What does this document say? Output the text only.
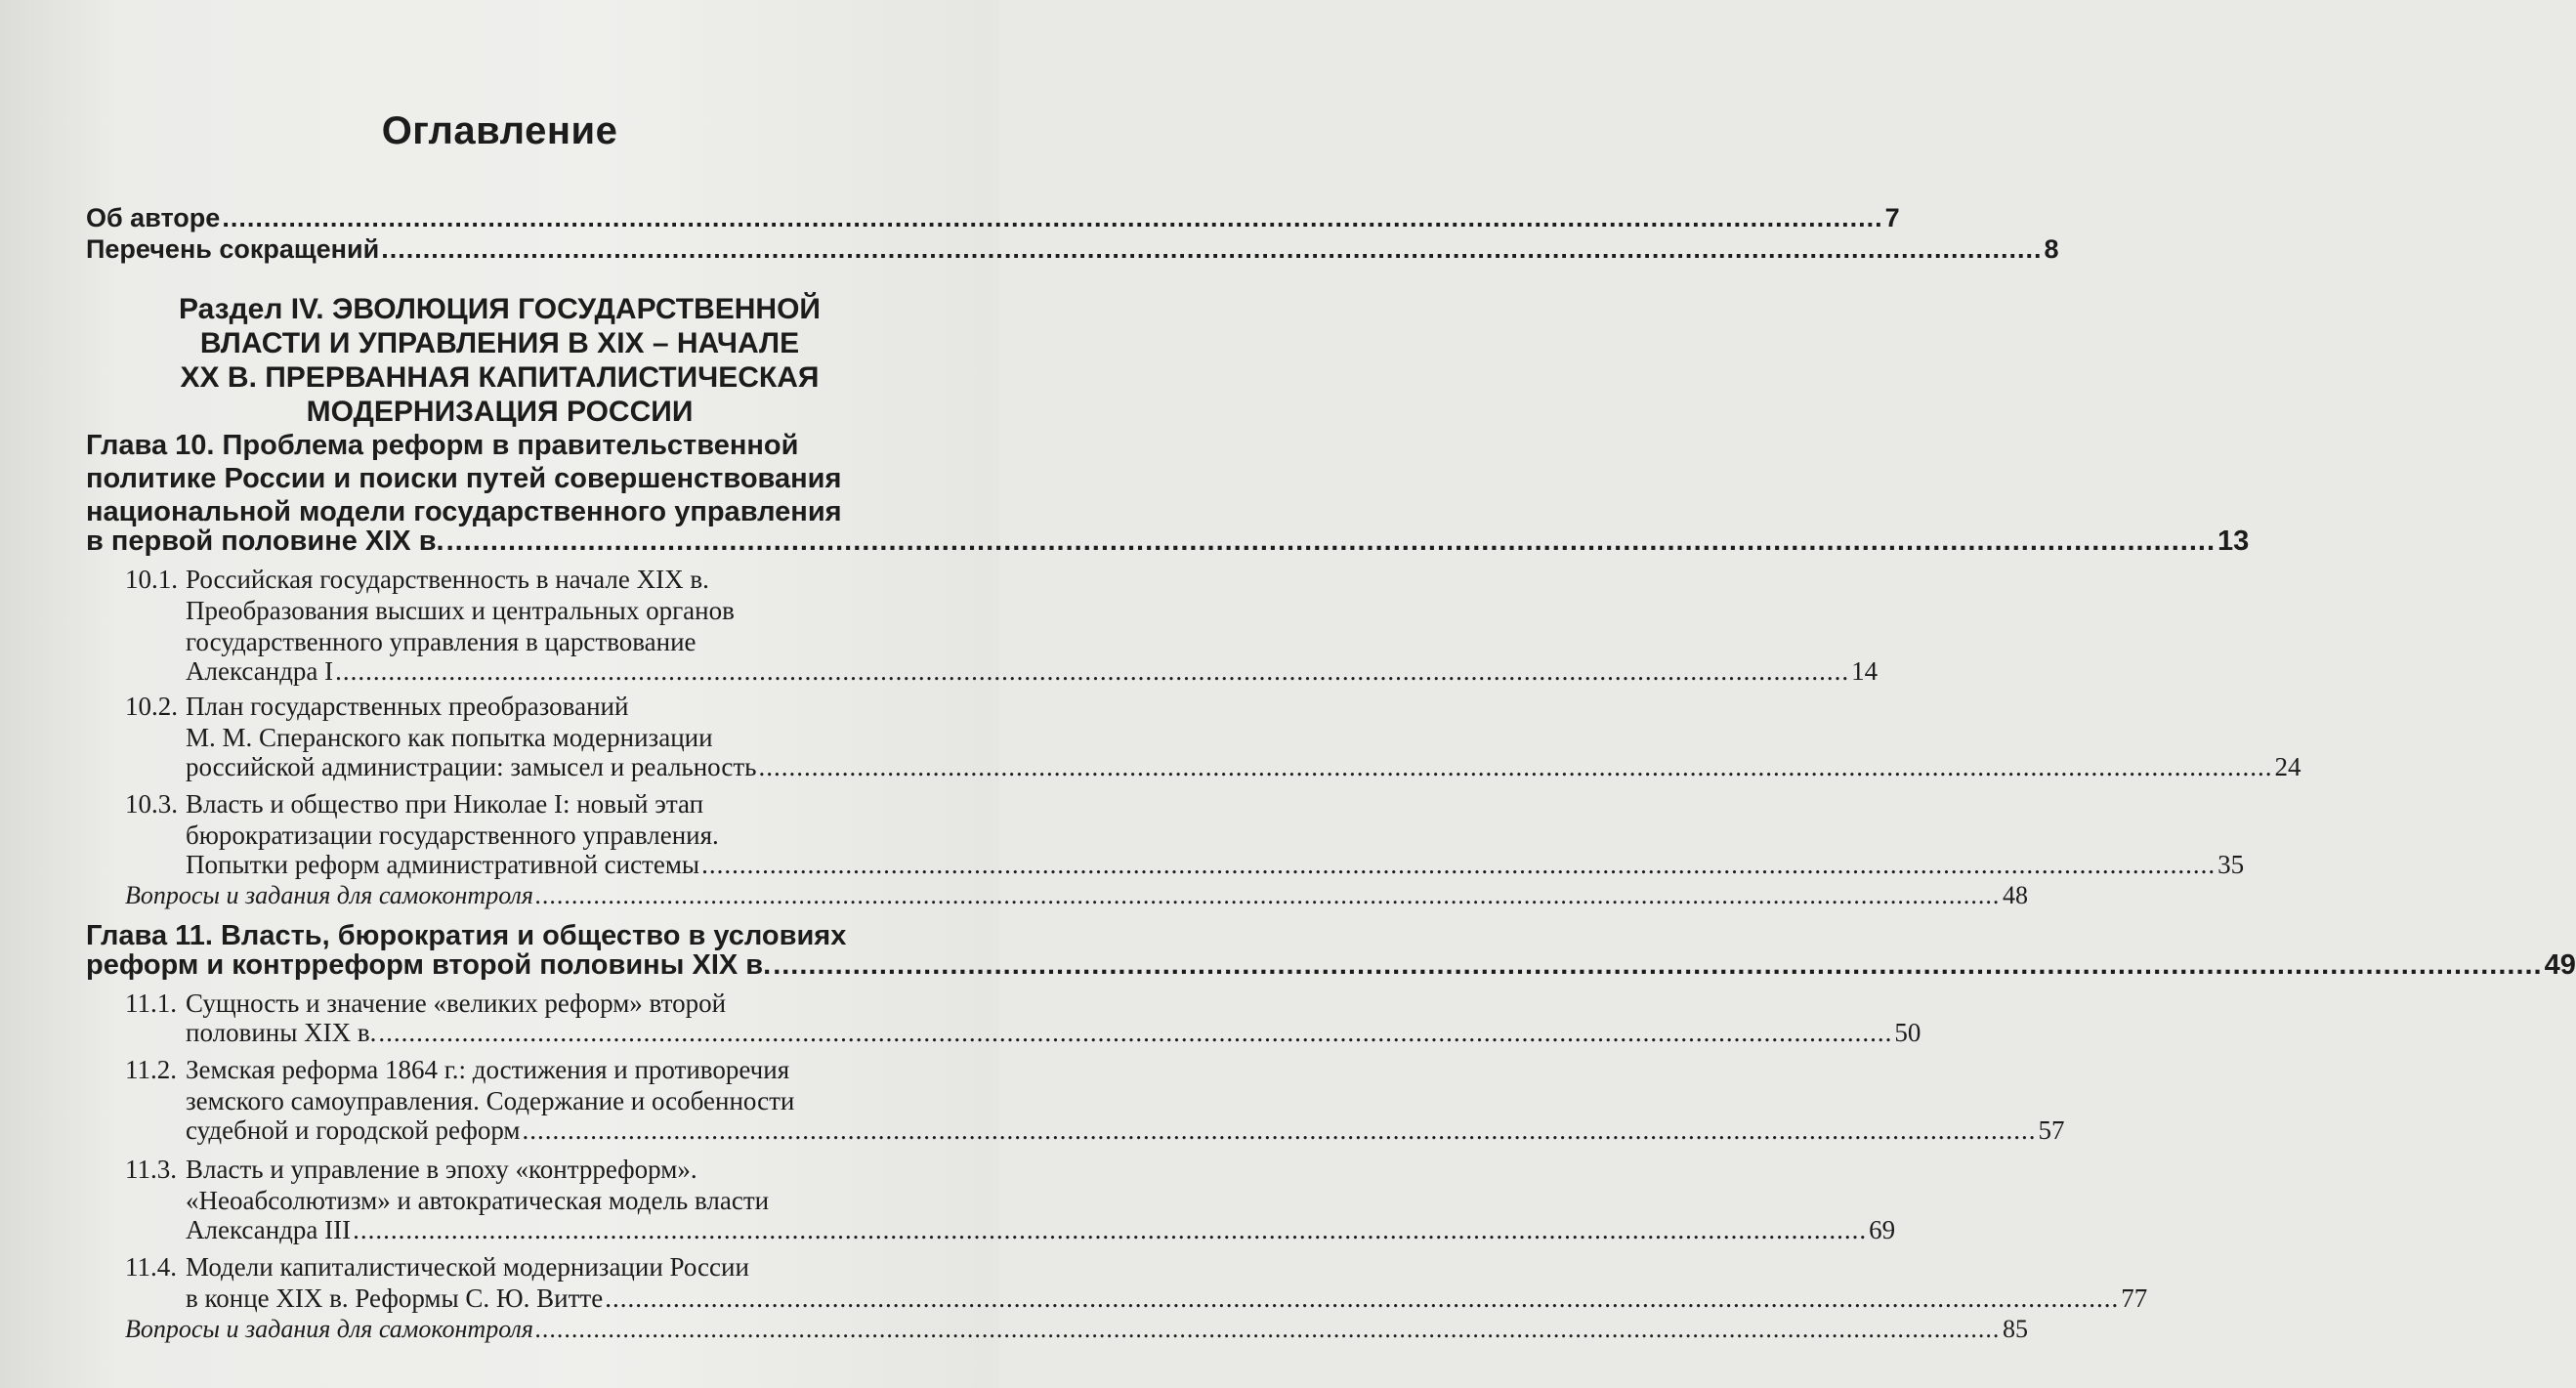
Оглавление
Об авторе ........................................................................................................................................................................................................ 7
Перечень сокращений ........................................................................................................................................................................................................ 8
Раздел IV. ЭВОЛЮЦИЯ ГОСУДАРСТВЕННОЙ
ВЛАСТИ И УПРАВЛЕНИЯ В XIX – НАЧАЛЕ
XX В. ПРЕРВАННАЯ КАПИТАЛИСТИЧЕСКАЯ
МОДЕРНИЗАЦИЯ РОССИИ
Глава 10. Проблема реформ в правительственной
политике России и поиски путей совершенствования
национальной модели государственного управления
в первой половине XIX в. ........................................................................................................................................................................................................ 13
10.1. Российская государственность в начале XIX в.
Преобразования высших и центральных органов
государственного управления в царствование
Александра I ........................................................................................................................................................................................................ 14
10.2. План государственных преобразований
М. М. Сперанского как попытка модернизации
российской администрации: замысел и реальность ........................................................................................................................................................................................................ 24
10.3. Власть и общество при Николае I: новый этап
бюрократизации государственного управления.
Попытки реформ административной системы ........................................................................................................................................................................................................ 35
Вопросы и задания для самоконтроля ........................................................................................................................................................................................................ 48
Глава 11. Власть, бюрократия и общество в условиях
реформ и контрреформ второй половины XIX в. ........................................................................................................................................................................................................ 49
11.1. Сущность и значение «великих реформ» второй
половины XIX в. ........................................................................................................................................................................................................ 50
11.2. Земская реформа 1864 г.: достижения и противоречия
земского самоуправления. Содержание и особенности
судебной и городской реформ ........................................................................................................................................................................................................ 57
11.3. Власть и управление в эпоху «контрреформ».
«Неоабсолютизм» и автократическая модель власти
Александра III ........................................................................................................................................................................................................ 69
11.4. Модели капиталистической модернизации России
в конце XIX в. Реформы С. Ю. Витте ........................................................................................................................................................................................................ 77
Вопросы и задания для самоконтроля ........................................................................................................................................................................................................ 85
